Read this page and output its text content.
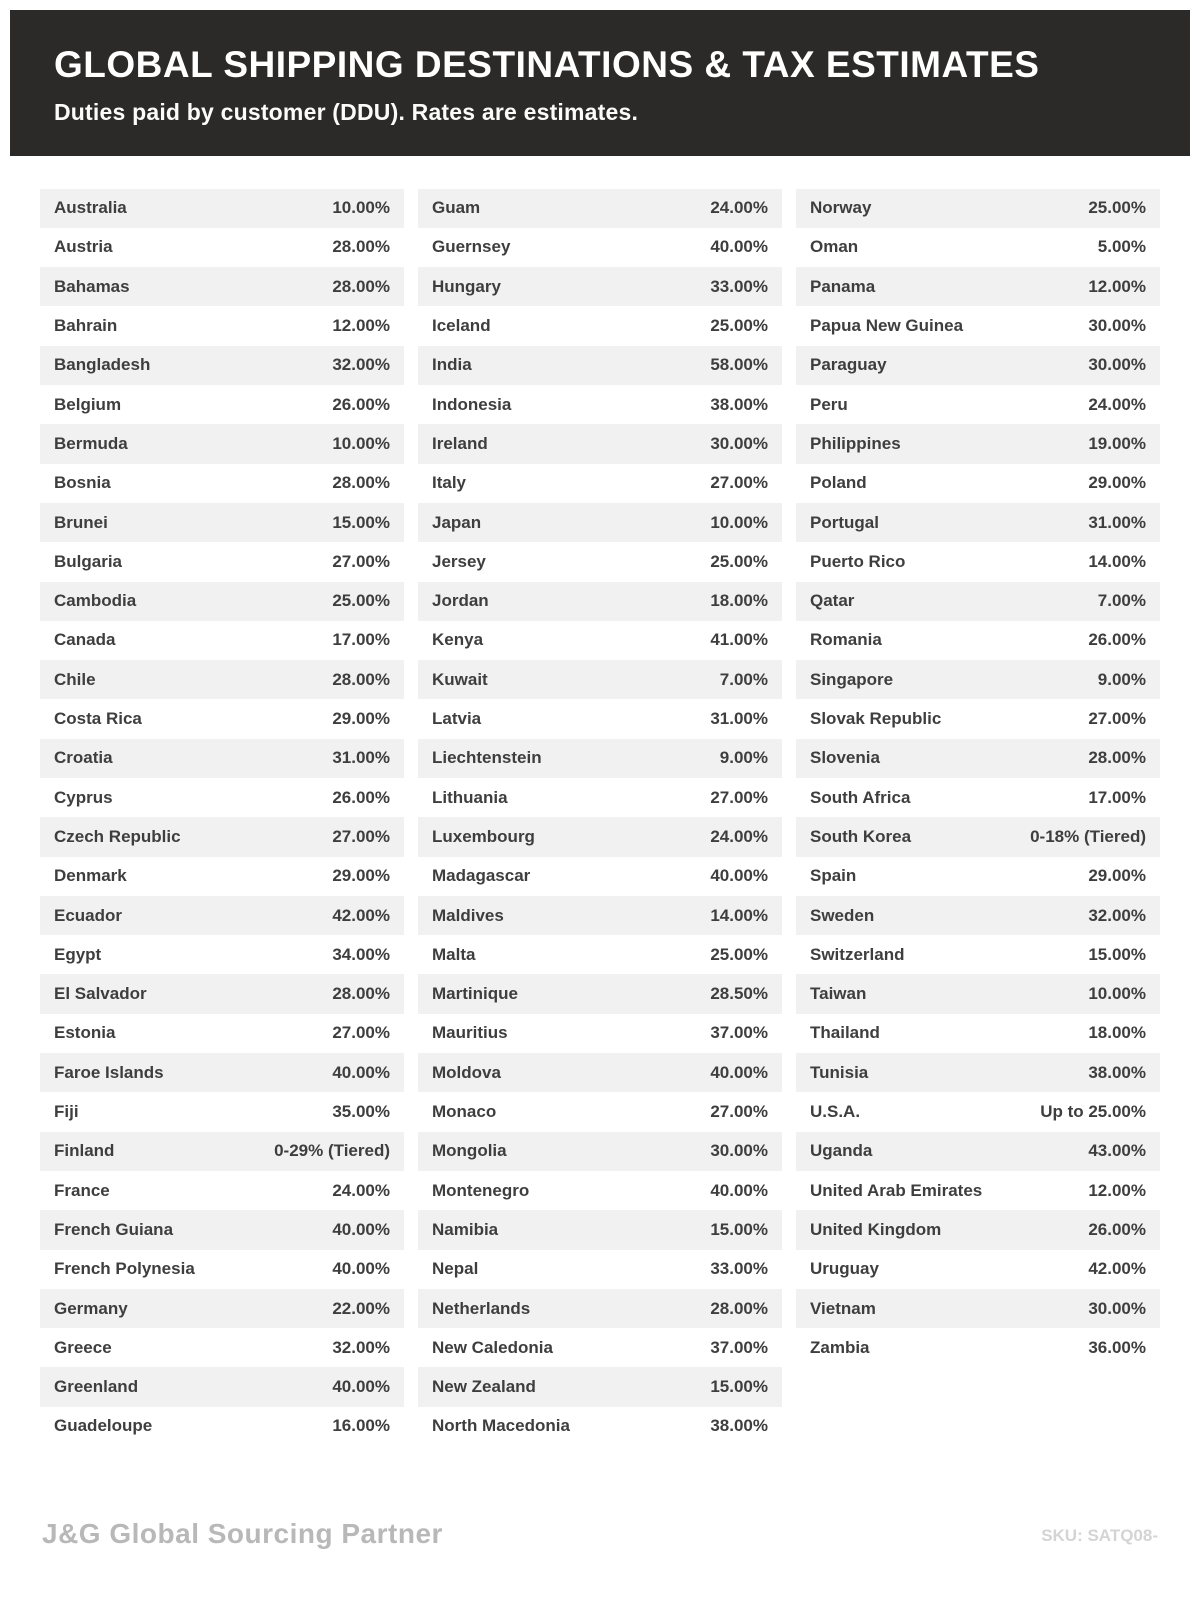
GLOBAL SHIPPING DESTINATIONS & TAX ESTIMATES

Duties paid by customer (DDU). Rates are estimates.

Australia	10.00%
Austria	28.00%
Bahamas	28.00%
Bahrain	12.00%
Bangladesh	32.00%
Belgium	26.00%
Bermuda	10.00%
Bosnia	28.00%
Brunei	15.00%
Bulgaria	27.00%
Cambodia	25.00%
Canada	17.00%
Chile	28.00%
Costa Rica	29.00%
Croatia	31.00%
Cyprus	26.00%
Czech Republic	27.00%
Denmark	29.00%
Ecuador	42.00%
Egypt	34.00%
El Salvador	28.00%
Estonia	27.00%
Faroe Islands	40.00%
Fiji	35.00%
Finland	0-29% (Tiered)
France	24.00%
French Guiana	40.00%
French Polynesia	40.00%
Germany	22.00%
Greece	32.00%
Greenland	40.00%
Guadeloupe	16.00%
Guam	24.00%
Guernsey	40.00%
Hungary	33.00%
Iceland	25.00%
India	58.00%
Indonesia	38.00%
Ireland	30.00%
Italy	27.00%
Japan	10.00%
Jersey	25.00%
Jordan	18.00%
Kenya	41.00%
Kuwait	7.00%
Latvia	31.00%
Liechtenstein	9.00%
Lithuania	27.00%
Luxembourg	24.00%
Madagascar	40.00%
Maldives	14.00%
Malta	25.00%
Martinique	28.50%
Mauritius	37.00%
Moldova	40.00%
Monaco	27.00%
Mongolia	30.00%
Montenegro	40.00%
Namibia	15.00%
Nepal	33.00%
Netherlands	28.00%
New Caledonia	37.00%
New Zealand	15.00%
North Macedonia	38.00%
Norway	25.00%
Oman	5.00%
Panama	12.00%
Papua New Guinea	30.00%
Paraguay	30.00%
Peru	24.00%
Philippines	19.00%
Poland	29.00%
Portugal	31.00%
Puerto Rico	14.00%
Qatar	7.00%
Romania	26.00%
Singapore	9.00%
Slovak Republic	27.00%
Slovenia	28.00%
South Africa	17.00%
South Korea	0-18% (Tiered)
Spain	29.00%
Sweden	32.00%
Switzerland	15.00%
Taiwan	10.00%
Thailand	18.00%
Tunisia	38.00%
U.S.A.	Up to 25.00%
Uganda	43.00%
United Arab Emirates	12.00%
United Kingdom	26.00%
Uruguay	42.00%
Vietnam	30.00%
Zambia	36.00%
J&G Global Sourcing Partner	SKU: SATQ08-
